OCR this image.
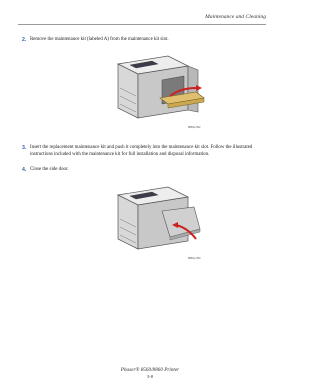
Maintenance and Cleaning
2. Remove the maintenance kit (labeled A) from the maintenance kit slot.
8860p-052
3. Insert the replacement maintenance kit and push it completely into the maintenance kit slot. Follow the illustrated instructions included with the maintenance kit for full installation and disposal information.
4. Close the side door.
8860p-053
Phaser® 8560/8860 Printer
5-8
